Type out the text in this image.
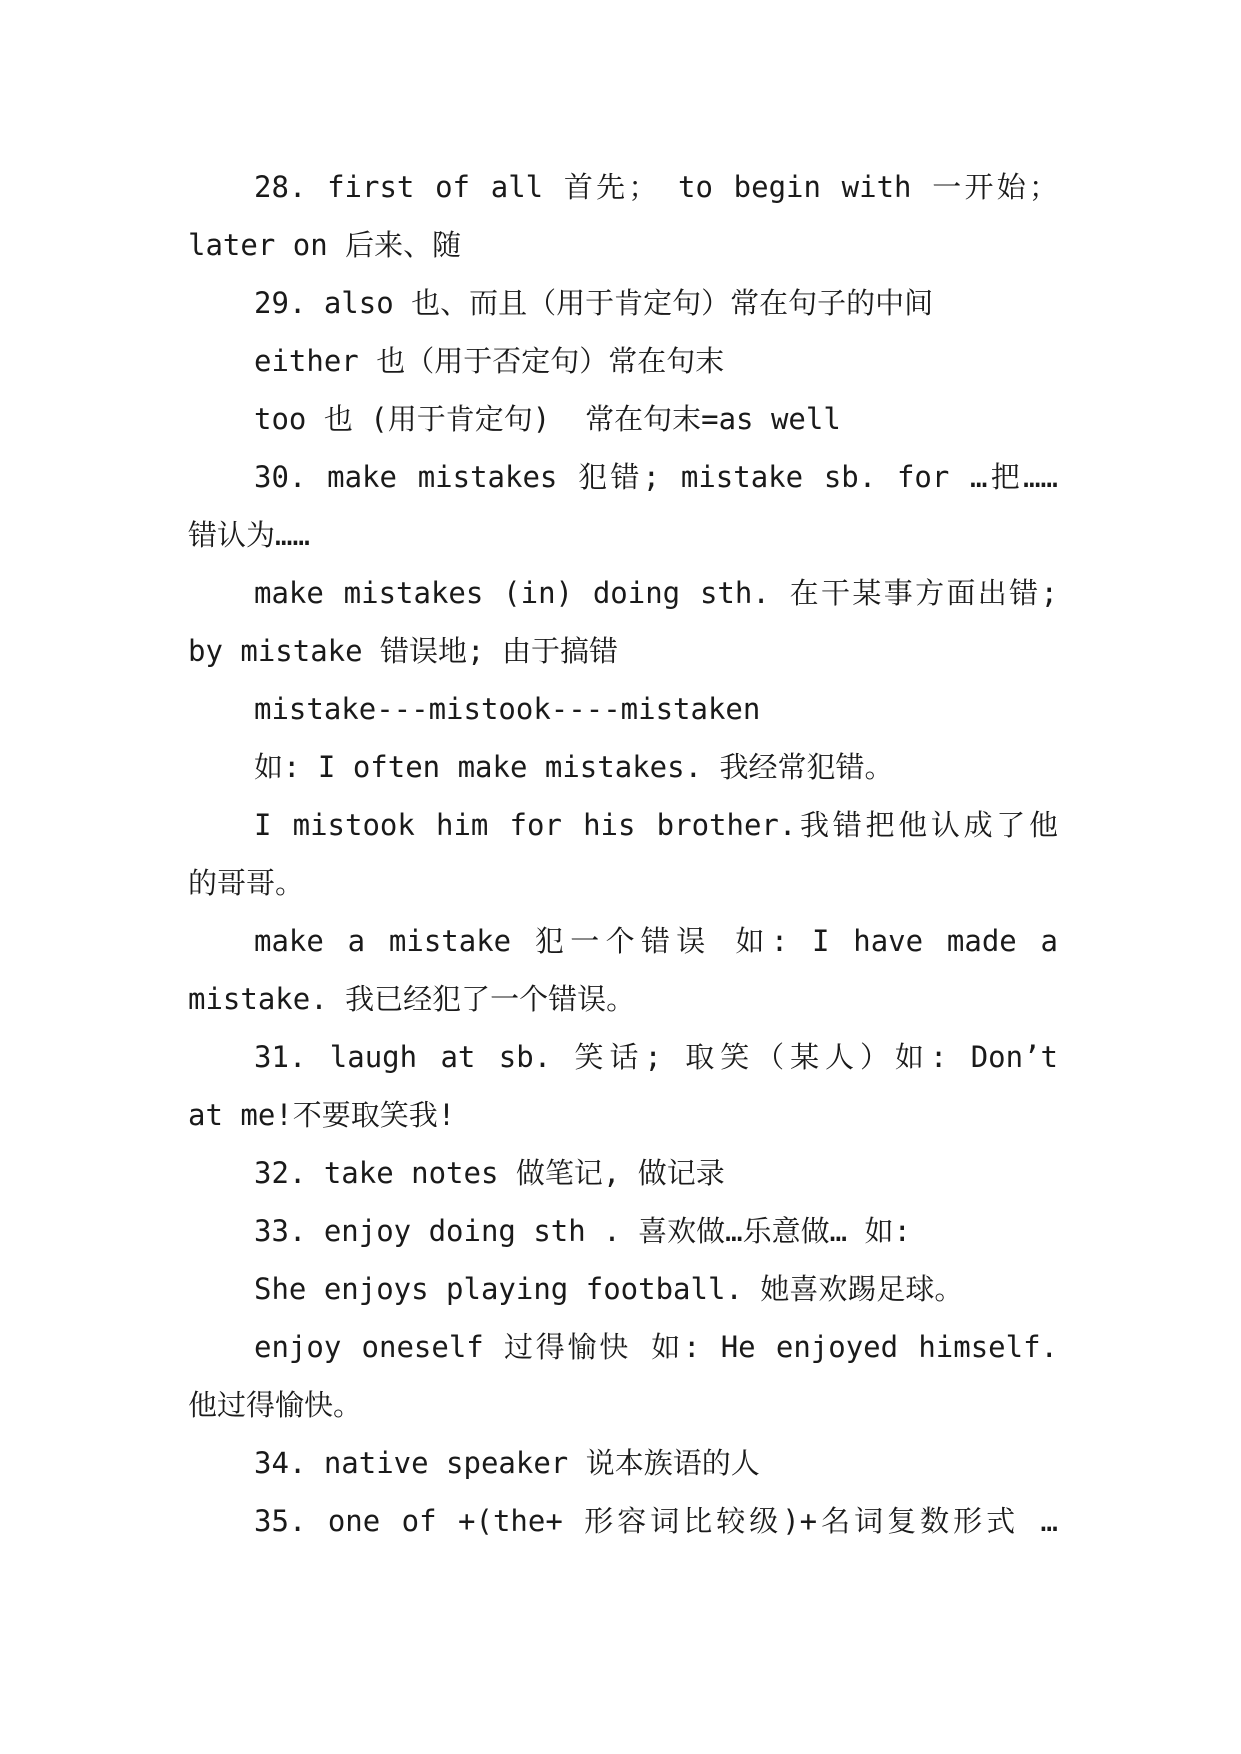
28. first of all 首先； to begin with 一开始；
later on 后来、随
29. also 也、而且（用于肯定句）常在句子的中间
either 也（用于否定句）常在句末
too 也 (用于肯定句)  常在句末=as well
30. make mistakes 犯错; mistake sb. for …把……
错认为……
make mistakes (in) doing sth. 在干某事方面出错;
by mistake 错误地; 由于搞错
mistake---mistook----mistaken
如: I often make mistakes. 我经常犯错。
I mistook him for his brother.我错把他认成了他
的哥哥。
make a mistake 犯一个错误 如: I have made a
mistake. 我已经犯了一个错误。
31. laugh at sb. 笑话; 取笑（某人）如: Don’t
at me!不要取笑我!
32. take notes 做笔记, 做记录
33. enjoy doing sth . 喜欢做…乐意做… 如:
She enjoys playing football. 她喜欢踢足球。
enjoy oneself 过得愉快 如: He enjoyed himself.
他过得愉快。
34. native speaker 说本族语的人
35. one of +(the+ 形容词比较级)+名词复数形式 …
